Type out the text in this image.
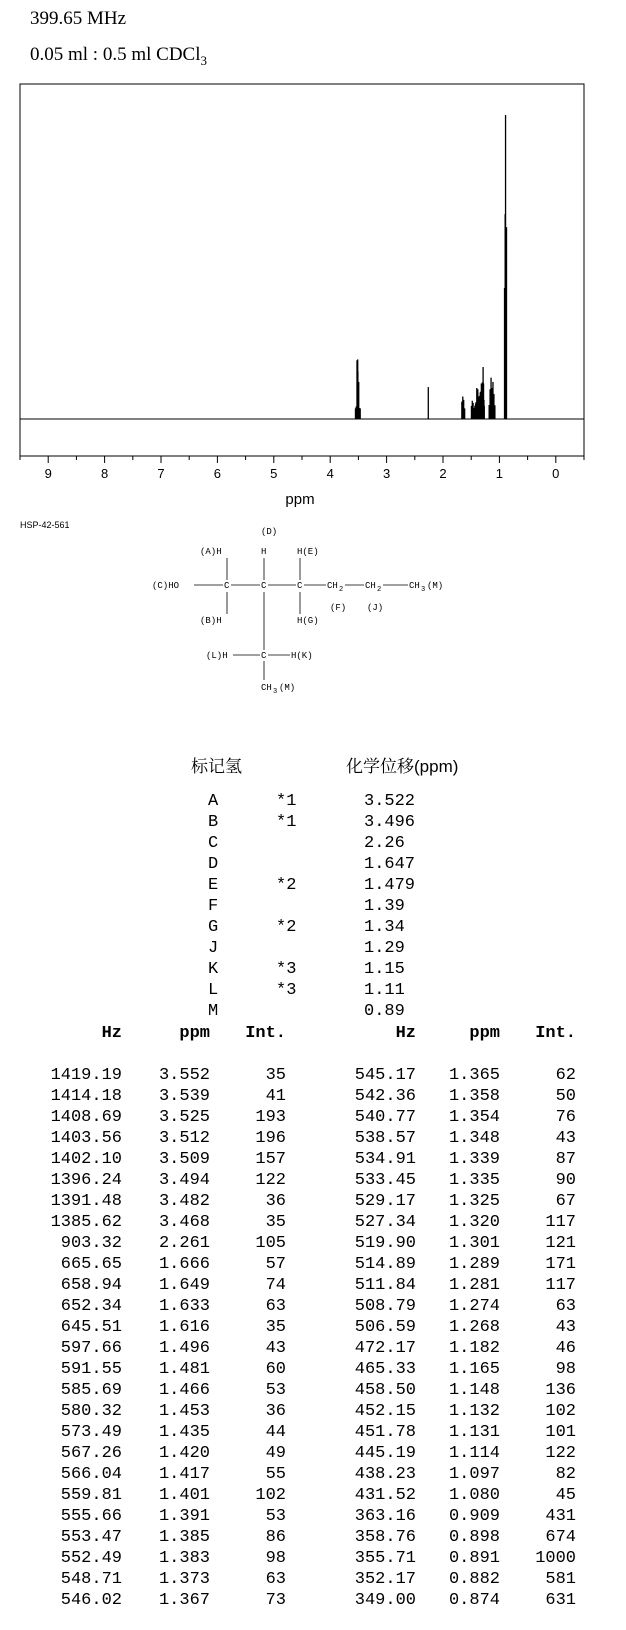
399.65 MHz
0.05 ml : 0.5 ml CDCl$_3$
9	8	7	6	5	4	3	2	1	0
ppm
HSP-42-561
(D)
(A)H	H	H(E)
(C)HO	C	C	C	CH 2 CH 2	CH 3 (M)
(F) (J)
(B)H	H(G)
(L)H	C	H(K)
CH 3 (M)
标记氢	化学位移(ppm)
A	*1	3.522
B	*1	3.496
C	2.26
D	1.647
E	*2	1.479
F	1.39
G	*2	1.34
J	1.29
K	*3	1.15
L	*3	1.11
M	0.89
Hz	ppm Int.	Hz	ppm Int.
1419.19 3.552	35	545.17 1.365	62
1414.18 3.539	41	542.36 1.358	50
1408.69 3.525	193	540.77 1.354	76
1403.56 3.512	196	538.57 1.348	43
1402.10 3.509	157	534.91 1.339	87
1396.24 3.494	122	533.45 1.335	90
1391.48 3.482	36	529.17 1.325	67
1385.62 3.468	35	527.34 1.320	117
903.32 2.261	105	519.90 1.301	121
665.65 1.666	57	514.89 1.289	171
658.94 1.649	74	511.84 1.281	117
652.34 1.633	63	508.79 1.274	63
645.51 1.616	35	506.59 1.268	43
597.66 1.496	43	472.17 1.182	46
591.55 1.481	60	465.33 1.165	98
585.69 1.466	53	458.50 1.148	136
580.32 1.453	36	452.15 1.132	102
573.49 1.435	44	451.78 1.131	101
567.26 1.420	49	445.19 1.114	122
566.04 1.417	55	438.23 1.097	82
559.81 1.401	102	431.52 1.080	45
555.66 1.391	53	363.16 0.909	431
553.47 1.385	86	358.76 0.898	674
552.49 1.383	98	355.71 0.891 1000
548.71 1.373	63	352.17 0.882	581
546.02 1.367	73	349.00 0.874	631
